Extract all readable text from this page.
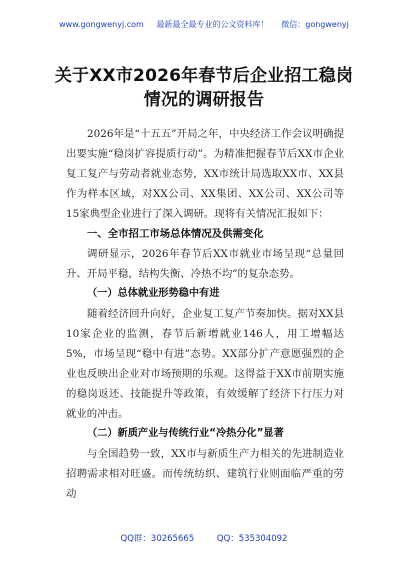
www.gongwenyj.com 最新最全最专业的公文资料库！ 微信：gongwenyj
关于XX市2026年春节后企业招工稳岗
情况的调研报告

2026年是“十五五”开局之年，中央经济工作会议明确提出要实施“稳岗扩容提质行动”。为精准把握春节后XX市企业复工复产与劳动者就业态势，XX市统计局选取XX市、XX县作为样本区域，对XX公司、XX集团、XX公司、XX公司等15家典型企业进行了深入调研。现将有关情况汇报如下：

一、全市招工市场总体情况及供需变化

调研显示，2026年春节后XX市就业市场呈现“总量回升、开局平稳，结构失衡、冷热不均”的复杂态势。

（一）总体就业形势稳中有进

随着经济回升向好，企业复工复产节奏加快。据对XX县10家企业的监测，春节后新增就业146人，用工增幅达5%，市场呈现“稳中有进”态势。XX部分扩产意愿强烈的企业也反映出企业对市场预期的乐观。这得益于XX市前期实施的稳岗返还、技能提升等政策，有效缓解了经济下行压力对就业的冲击。

（二）新质产业与传统行业“冷热分化”显著

与全国趋势一致，XX市与新质生产力相关的先进制造业招聘需求相对旺盛。而传统纺织、建筑行业则面临严重的劳动

QQ群：30265665	QQ：535304092
